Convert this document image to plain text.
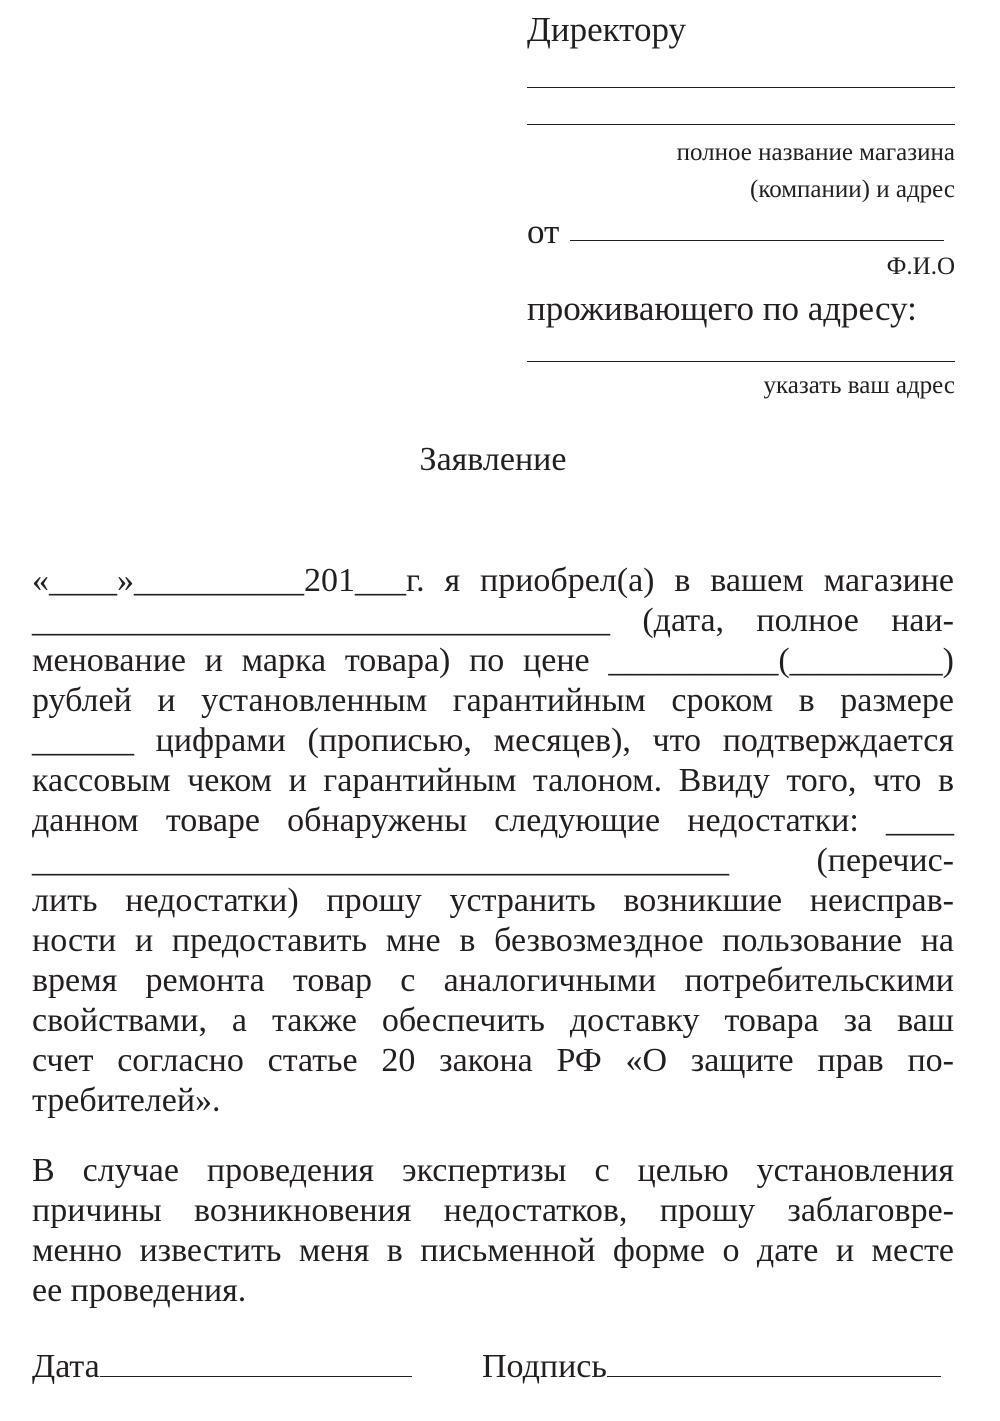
Директору
полное название магазина
(компании) и адрес
от
Ф.И.О
проживающего по адресу:
указать ваш адрес
Заявление
«____»__________201___г. я приобрел(а) в вашем магазине
__________________________________ (дата, полное наи-
менование и марка товара) по цене __________(_________)
рублей и установленным гарантийным сроком в размере
______ цифрами (прописью, месяцев), что подтверждается
кассовым чеком и гарантийным талоном. Ввиду того, что в
данном товаре обнаружены следующие недостатки: ____
_________________________________________ (перечис-
лить недостатки) прошу устранить возникшие неисправ-
ности и предоставить мне в безвозмездное пользование на
время ремонта товар с аналогичными потребительскими
свойствами, а также обеспечить доставку товара за ваш
счет согласно статье 20 закона РФ «О защите прав по-
требителей».
В случае проведения экспертизы с целью установления
причины возникновения недостатков, прошу заблаговре-
менно известить меня в письменной форме о дате и месте
ее проведения.
Дата	Подпись
